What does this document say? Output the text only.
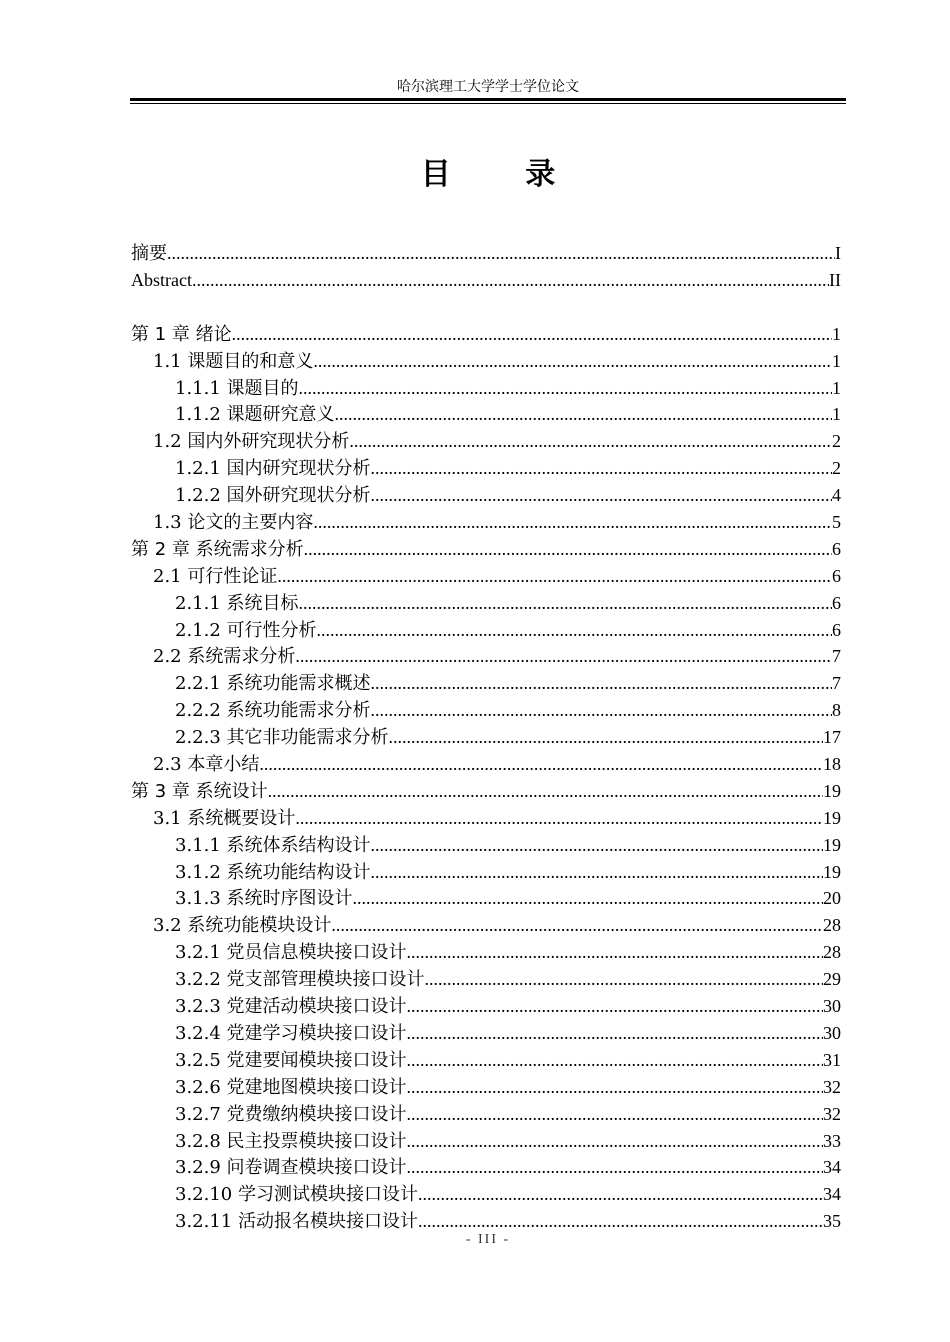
哈尔滨理工大学学士学位论文
目 录
摘要 .....	I
Abstract .....	II
第 1 章 绪论 .....	1
1.1 课题目的和意义 .....	1
1.1.1 课题目的 .....	1
1.1.2 课题研究意义 .....	1
1.2 国内外研究现状分析 .....	2
1.2.1 国内研究现状分析 .....	2
1.2.2 国外研究现状分析 .....	4
1.3 论文的主要内容 .....	5
第 2 章 系统需求分析 .....	6
2.1 可行性论证 .....	6
2.1.1 系统目标 .....	6
2.1.2 可行性分析 .....	6
2.2 系统需求分析 .....	7
2.2.1 系统功能需求概述 .....	7
2.2.2 系统功能需求分析 .....	8
2.2.3 其它非功能需求分析 .....	17
2.3 本章小结 .....	18
第 3 章 系统设计 .....	19
3.1 系统概要设计 .....	19
3.1.1 系统体系结构设计 .....	19
3.1.2 系统功能结构设计 .....	19
3.1.3 系统时序图设计 .....	20
3.2 系统功能模块设计 .....	28
3.2.1 党员信息模块接口设计 .....	28
3.2.2 党支部管理模块接口设计 .....	29
3.2.3 党建活动模块接口设计 .....	30
3.2.4 党建学习模块接口设计 .....	30
3.2.5 党建要闻模块接口设计 .....	31
3.2.6 党建地图模块接口设计 .....	32
3.2.7 党费缴纳模块接口设计 .....	32
3.2.8 民主投票模块接口设计 .....	33
3.2.9 问卷调查模块接口设计 .....	34
3.2.10 学习测试模块接口设计 .....	34
3.2.11 活动报名模块接口设计 .....	35
- III -
